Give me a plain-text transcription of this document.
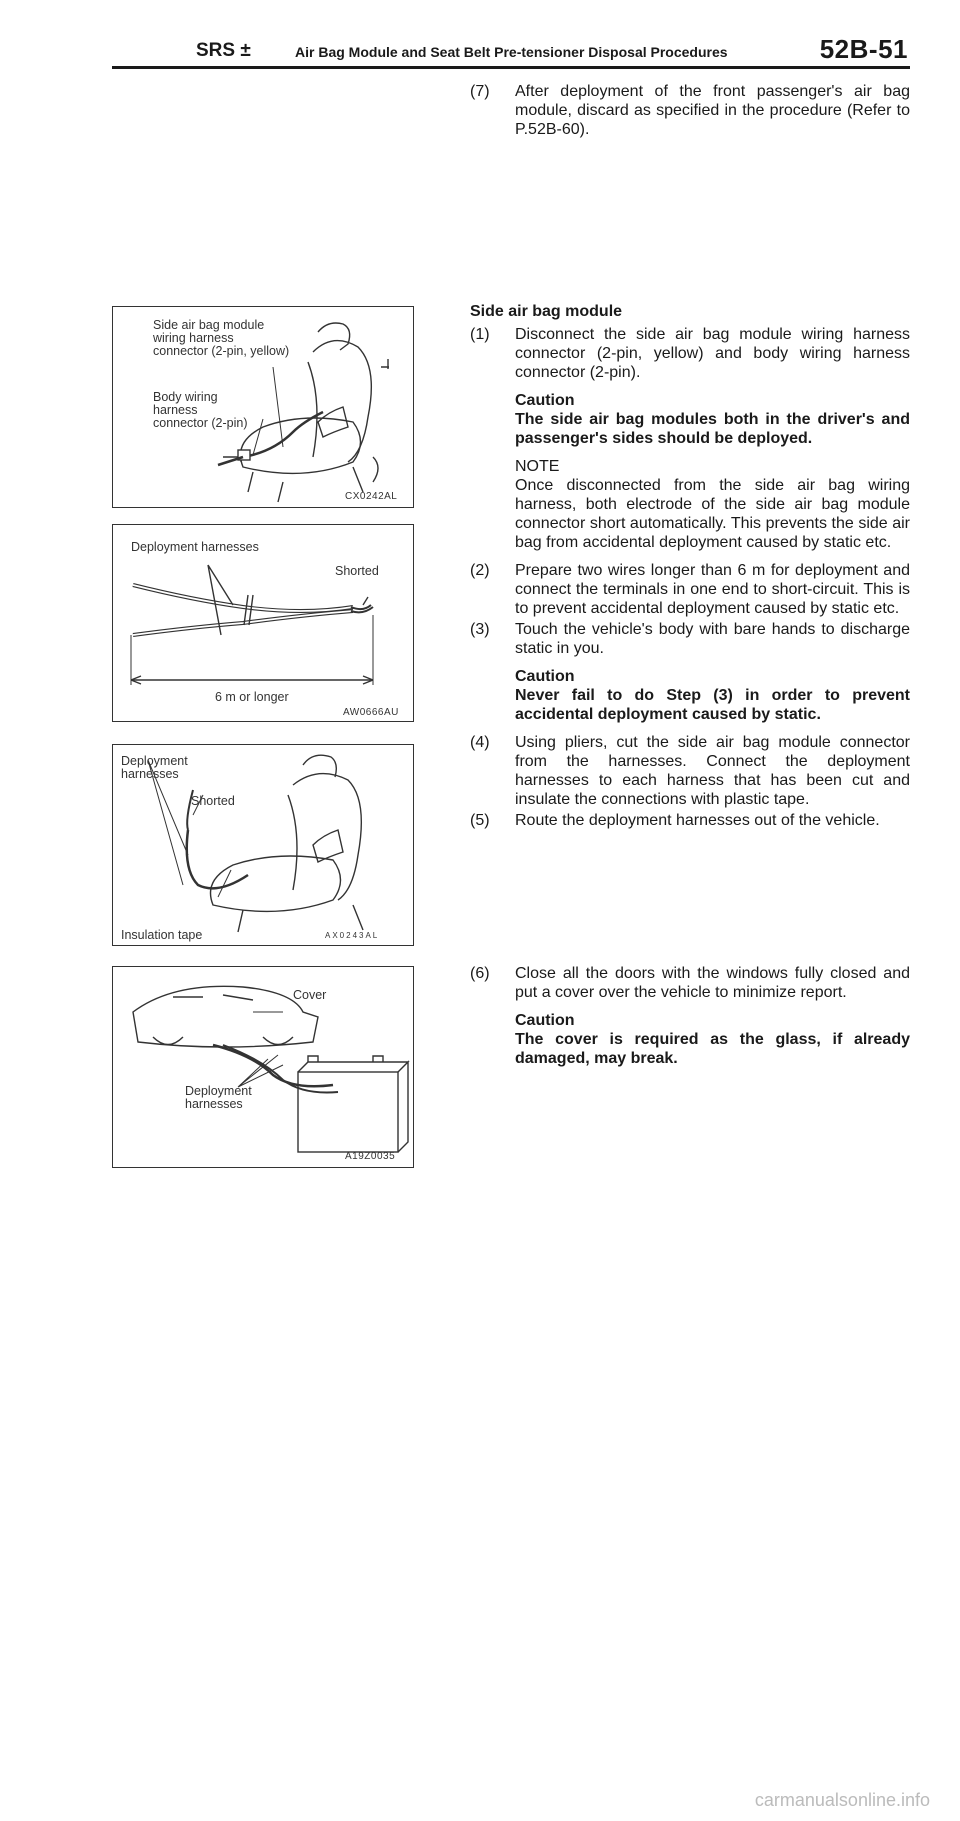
SRS ±	Air Bag Module and Seat Belt Pre-tensioner Disposal Procedures	52B-51
(7) After deployment of the front passenger's air bag module, discard as specified in the procedure (Refer to P.52B-60).
Side air bag module
(1) Disconnect the side air bag module wiring harness connector (2-pin, yellow) and body wiring harness connector (2-pin).
Caution
The side air bag modules both in the driver's and passenger's sides should be deployed.
NOTE
Once disconnected from the side air bag wiring harness, both electrode of the side air bag module connector short automatically. This prevents the side air bag from accidental deployment caused by static etc.
(2) Prepare two wires longer than 6 m for deployment and connect the terminals in one end to short-circuit. This is to prevent accidental deployment caused by static etc.
(3) Touch the vehicle's body with bare hands to discharge static in you.
Caution
Never fail to do Step (3) in order to prevent accidental deployment caused by static.
(4) Using pliers, cut the side air bag module connector from the harnesses. Connect the deployment harnesses to each harness that has been cut and insulate the connections with plastic tape.
(5) Route the deployment harnesses out of the vehicle.
(6) Close all the doors with the windows fully closed and put a cover over the vehicle to minimize report.
Caution
The cover is required as the glass, if already damaged, may break.
Side air bag module
wiring harness
connector (2-pin, yellow)
Body wiring
harness
connector (2-pin)
CX0242AL
Deployment harnesses
Shorted
6 m or longer
AW0666AU
Deployment
harnesses
Shorted
Insulation tape	AX0243AL
Cover
Deployment
harnesses
A19Z0035
carmanualsonline.info
